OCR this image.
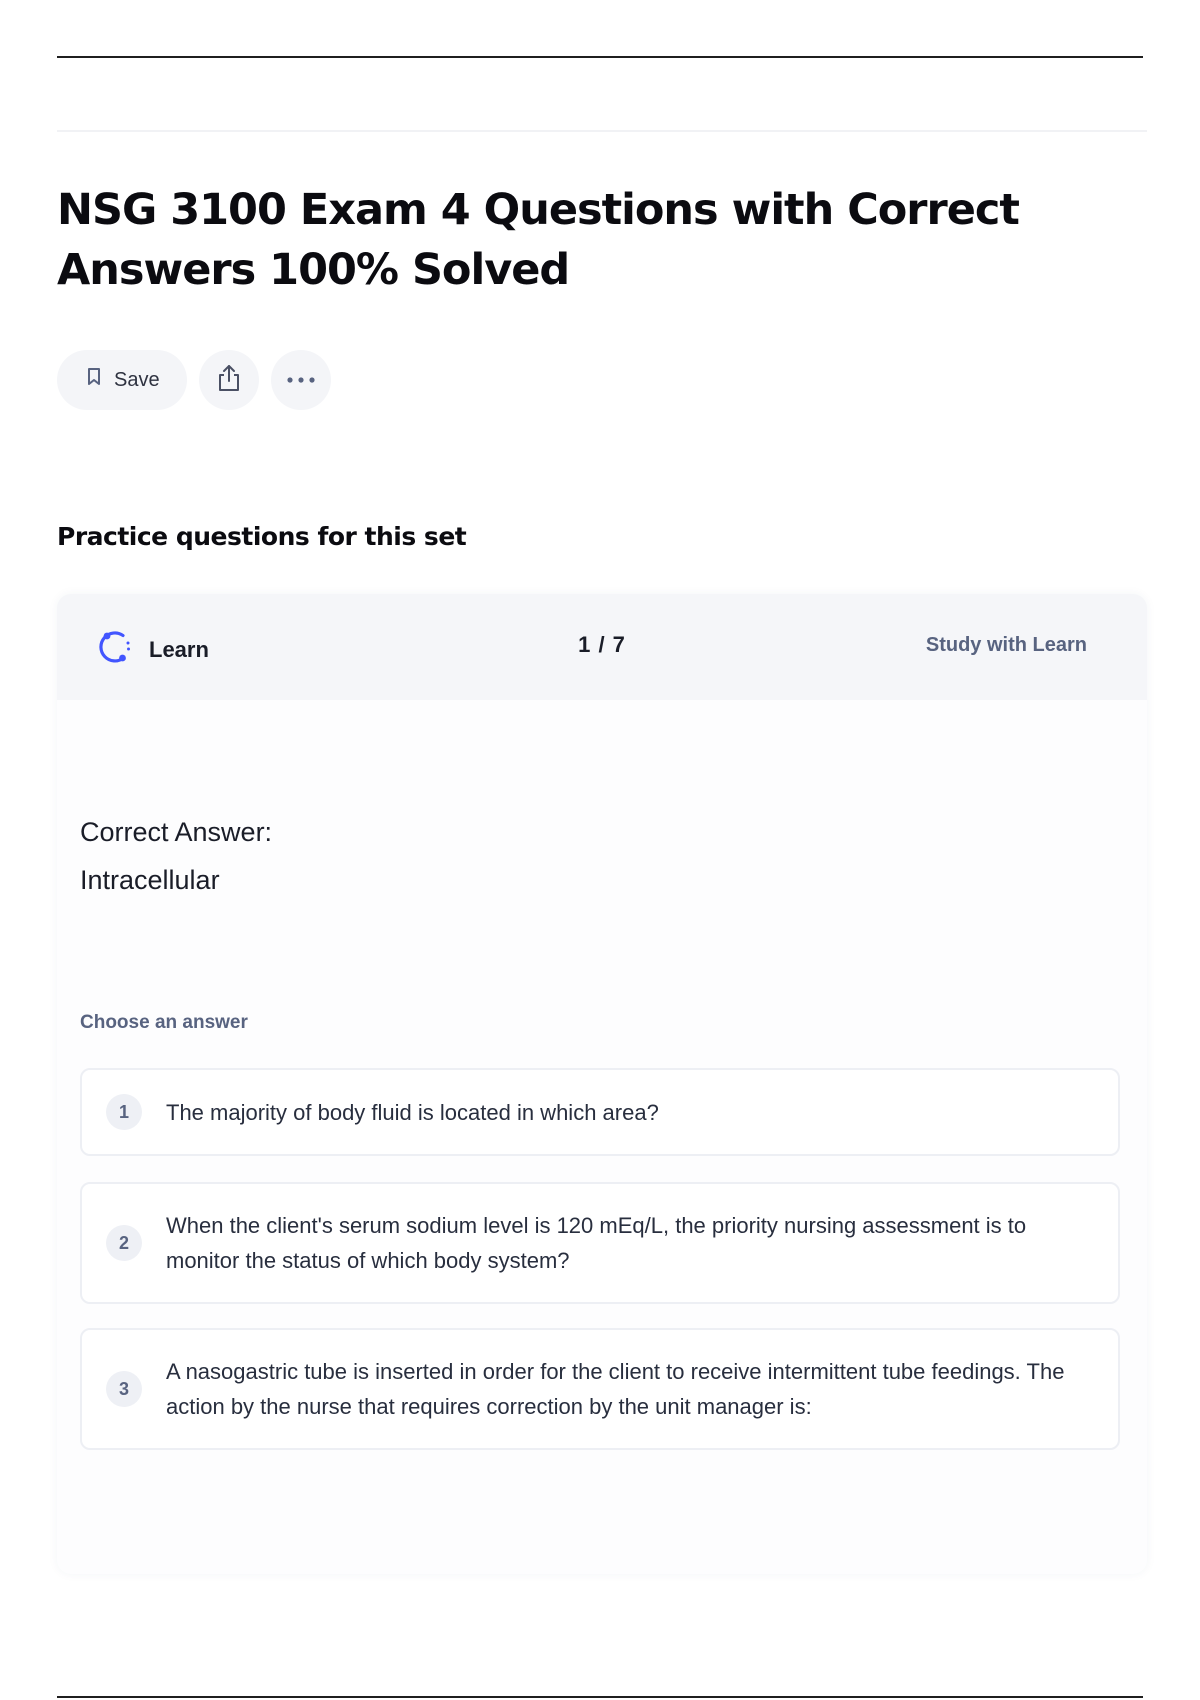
NSG 3100 Exam 4 Questions with Correct Answers 100% Solved
Save
Practice questions for this set
Learn	1 / 7	Study with Learn
Correct Answer:
Intracellular
Choose an answer
1	The majority of body fluid is located in which area?
2
When the client's serum sodium level is 120 mEq/L, the priority nursing assessment is to monitor the status of which body system?
3
A nasogastric tube is inserted in order for the client to receive intermittent tube feedings. The action by the nurse that requires correction by the unit manager is:
